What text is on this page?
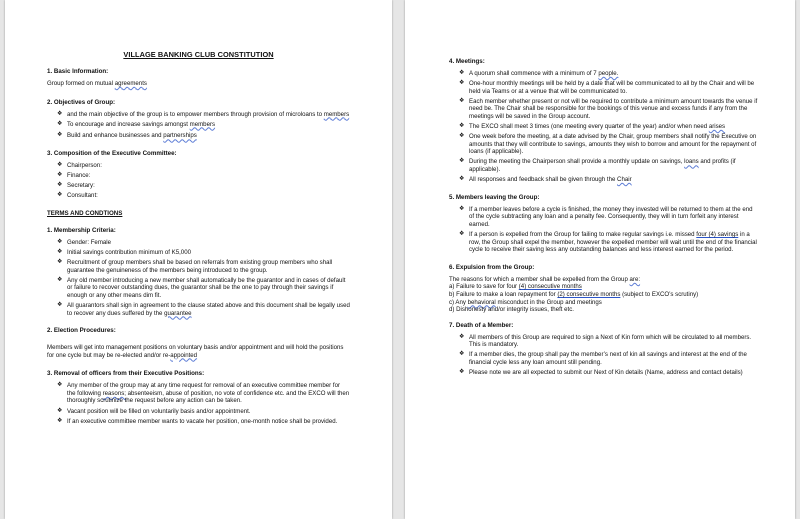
VILLAGE BANKING CLUB CONSTITUTION
1. Basic Information:
Group formed on mutual agreements
2. Objectives of Group:
❖ and the main objective of the group is to empower members through provision of microloans to members
❖ To encourage and increase savings amongst members
❖ Build and enhance businesses and partnerships
3. Composition of the Executive Committee:
❖ Chairperson:
❖ Finance:
❖ Secretary:
❖ Consultant:
TERMS AND CONDTIONS
1. Membership Criteria:
❖ Gender: Female
❖ Initial savings contribution minimum of K5,000
❖ Recruitment of group members shall be based on referrals from existing group members who shall guarantee the genuineness of the members being introduced to the group.
❖ Any old member introducing a new member shall automatically be the guarantor and in cases of default or failure to recover outstanding dues, the guarantor shall be the one to pay through their savings if enough or any other means dim fit.
❖ All guarantors shall sign in agreement to the clause stated above and this document shall be legally used to recover any dues suffered by the guarantee
2. Election Procedures:
Members will get into management positions on voluntary basis and/or appointment and will hold the positions for one cycle but may be re-elected and/or re-appointed
3. Removal of officers from their Executive Positions:
❖ Any member of the group may at any time request for removal of an executive committee member for the following reasons; absenteeism, abuse of position, no vote of confidence etc. and the EXCO will then thoroughly scrutinize the request before any action can be taken.
❖ Vacant position will be filled on voluntarily basis and/or appointment.
❖ If an executive committee member wants to vacate her position, one-month notice shall be provided.
4. Meetings:
❖ A quorum shall commence with a minimum of 7 people.
❖ One-hour monthly meetings will be held by a date that will be communicated to all by the Chair and will be held via Teams or at a venue that will be communicated to.
❖ Each member whether present or not will be required to contribute a minimum amount towards the venue if need be. The Chair shall be responsible for the bookings of this venue and excess funds if any from the meetings will be saved in the Group account.
❖ The EXCO shall meet 3 times (one meeting every quarter of the year) and/or when need arises
❖ One week before the meeting, at a date advised by the Chair, group members shall notify the Executive on amounts that they will contribute to savings, amounts they wish to borrow and amount for the repayment of loans (if applicable).
❖ During the meeting the Chairperson shall provide a monthly update on savings, loans and profits (if applicable).
❖ All responses and feedback shall be given through the Chair
5. Members leaving the Group:
❖ If a member leaves before a cycle is finished, the money they invested will be returned to them at the end of the cycle subtracting any loan and a penalty fee. Consequently, they will in turn forfeit any interest earned.
❖ If a person is expelled from the Group for failing to make regular savings i.e. missed four (4) savings in a row, the Group shall expel the member, however the expelled member will wait until the end of the financial cycle to receive their saving less any outstanding balances and less interest earned for the period.
6. Expulsion from the Group:
The reasons for which a member shall be expelled from the Group are:
a) Failure to save for four (4) consecutive months
b) Failure to make a loan repayment for (2) consecutive months (subject to EXCO’s scrutiny)
c) Any behavioral misconduct in the Group and meetings
d) Dishonesty and/or integrity issues, theft etc.
7. Death of a Member:
❖ All members of this Group are required to sign a Next of Kin form which will be circulated to all members. This is mandatory.
❖ If a member dies, the group shall pay the member’s next of kin all savings and interest at the end of the financial cycle less any loan amount still pending.
❖ Please note we are all expected to submit our Next of Kin details (Name, address and contact details)
